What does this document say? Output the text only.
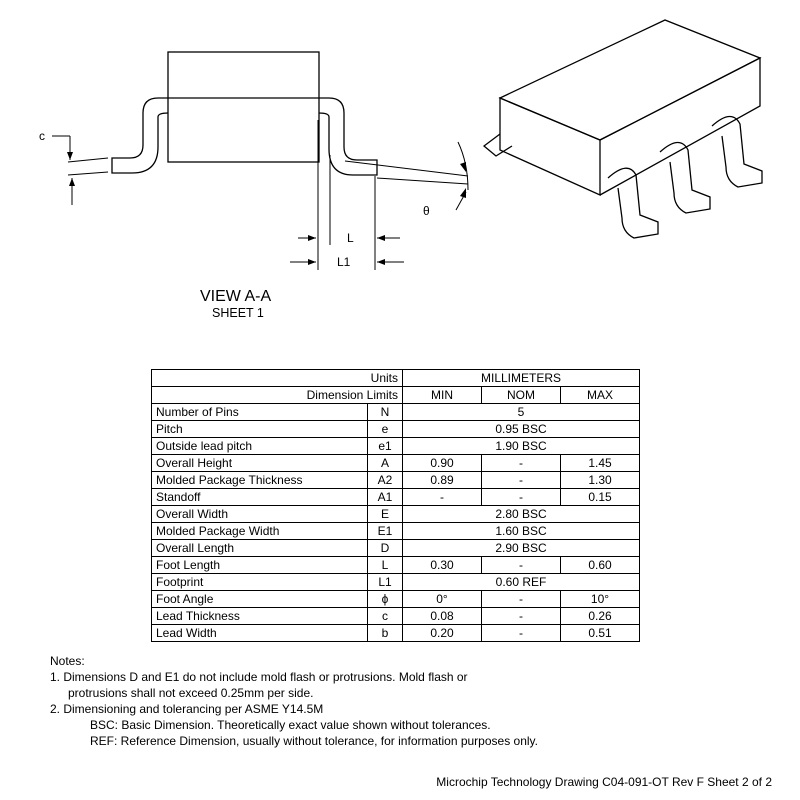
c
L
L1
θ
VIEW A-A
SHEET 1
Units		MILLIMETERS		
Dimension Limits		MIN	NOM	MAX
Number of Pins	N	5		
Pitch	e	0.95 BSC		
Outside lead pitch	e1	1.90 BSC		
Overall Height	A	0.90	-	1.45
Molded Package Thickness	A2	0.89	-	1.30
Standoff	A1	-	-	0.15
Overall Width	E	2.80 BSC		
Molded Package Width	E1	1.60 BSC		
Overall Length	D	2.90 BSC		
Foot Length	L	0.30	-	0.60
Footprint	L1	0.60 REF		
Foot Angle	ϕ	0°	-	10°
Lead Thickness	c	0.08	-	0.26
Lead Width	b	0.20	-	0.51
Notes:
1. Dimensions D and E1 do not include mold flash or protrusions. Mold flash or
protrusions shall not exceed 0.25mm per side.
2. Dimensioning and tolerancing per ASME Y14.5M
BSC: Basic Dimension. Theoretically exact value shown without tolerances.
REF: Reference Dimension, usually without tolerance, for information purposes only.
Microchip Technology Drawing C04-091-OT Rev F Sheet 2 of 2
